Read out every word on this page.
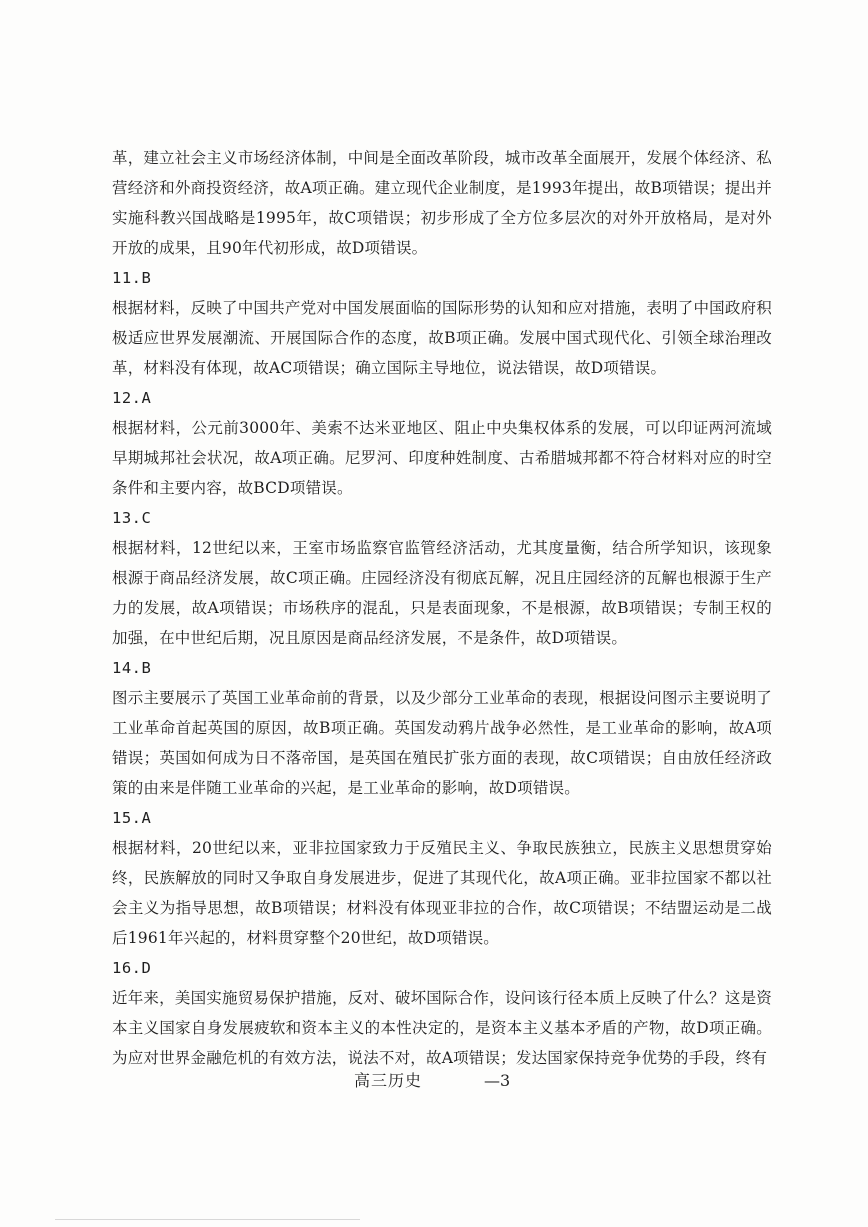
革，建立社会主义市场经济体制，中间是全面改革阶段，城市改革全面展开，发展个体经济、私营经济和外商投资经济，故A项正确。建立现代企业制度，是1993年提出，故B项错误；提出并实施科教兴国战略是1995年，故C项错误；初步形成了全方位多层次的对外开放格局，是对外开放的成果，且90年代初形成，故D项错误。

11.B

根据材料，反映了中国共产党对中国发展面临的国际形势的认知和应对措施，表明了中国政府积极适应世界发展潮流、开展国际合作的态度，故B项正确。发展中国式现代化、引领全球治理改革，材料没有体现，故AC项错误；确立国际主导地位，说法错误，故D项错误。

12.A

根据材料，公元前3000年、美索不达米亚地区、阻止中央集权体系的发展，可以印证两河流域早期城邦社会状况，故A项正确。尼罗河、印度种姓制度、古希腊城邦都不符合材料对应的时空条件和主要内容，故BCD项错误。

13.C

根据材料，12世纪以来，王室市场监察官监管经济活动，尤其度量衡，结合所学知识，该现象根源于商品经济发展，故C项正确。庄园经济没有彻底瓦解，况且庄园经济的瓦解也根源于生产力的发展，故A项错误；市场秩序的混乱，只是表面现象，不是根源，故B项错误；专制王权的加强，在中世纪后期，况且原因是商品经济发展，不是条件，故D项错误。

14.B

图示主要展示了英国工业革命前的背景，以及少部分工业革命的表现，根据设问图示主要说明了工业革命首起英国的原因，故B项正确。英国发动鸦片战争必然性，是工业革命的影响，故A项错误；英国如何成为日不落帝国，是英国在殖民扩张方面的表现，故C项错误；自由放任经济政策的由来是伴随工业革命的兴起，是工业革命的影响，故D项错误。

15.A

根据材料，20世纪以来，亚非拉国家致力于反殖民主义、争取民族独立，民族主义思想贯穿始终，民族解放的同时又争取自身发展进步，促进了其现代化，故A项正确。亚非拉国家不都以社会主义为指导思想，故B项错误；材料没有体现亚非拉的合作，故C项错误；不结盟运动是二战后1961年兴起的，材料贯穿整个20世纪，故D项错误。

16.D

近年来，美国实施贸易保护措施，反对、破坏国际合作，设问该行径本质上反映了什么？这是资本主义国家自身发展疲软和资本主义的本性决定的，是资本主义基本矛盾的产物，故D项正确。为应对世界金融危机的有效方法，说法不对，故A项错误；发达国家保持竞争优势的手段，终有

高三历史	—3
